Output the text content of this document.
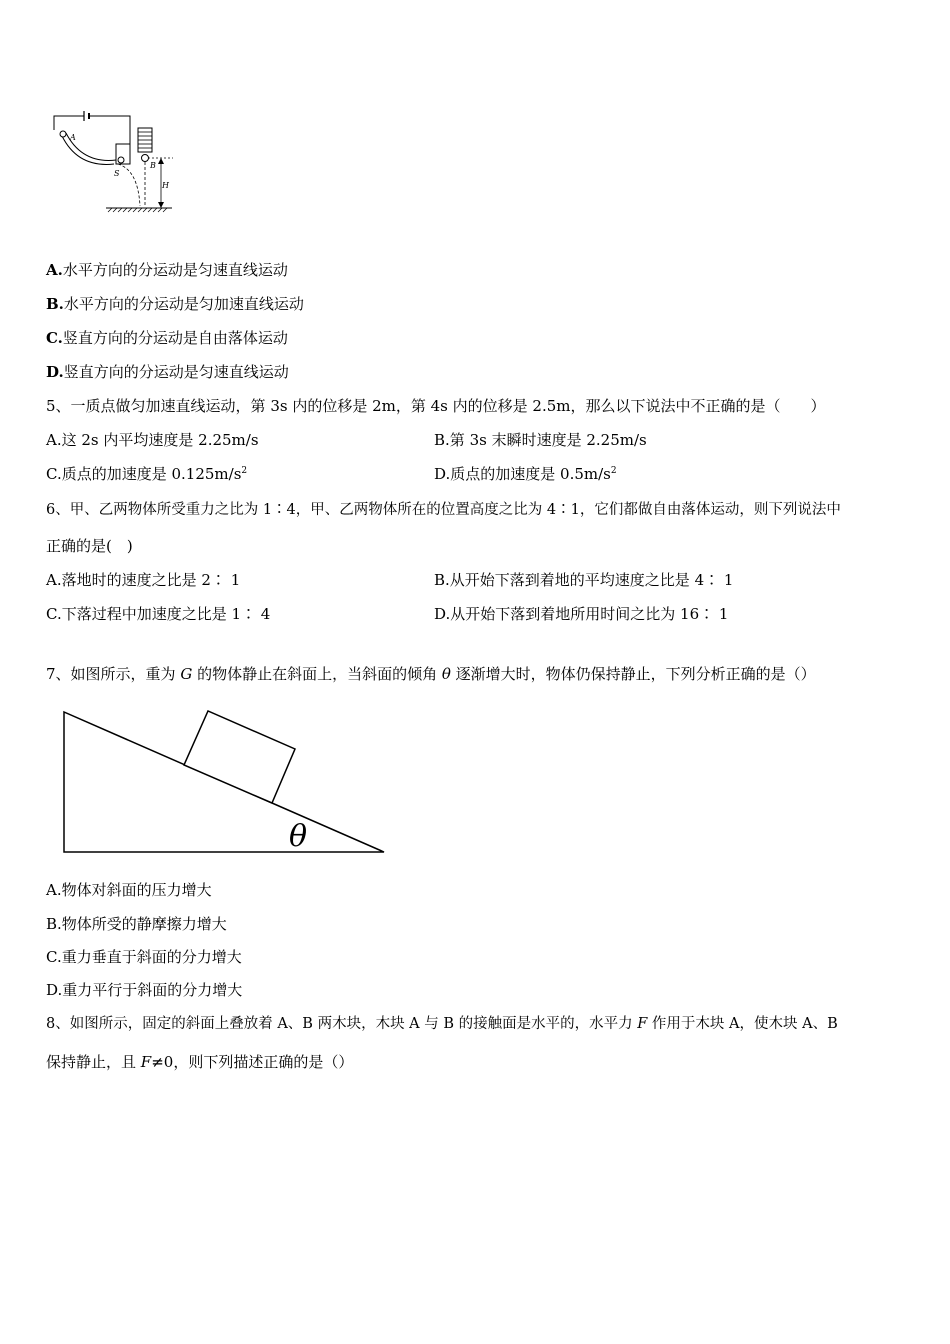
A
S
B
H
A.水平方向的分运动是匀速直线运动
B.水平方向的分运动是匀加速直线运动
C.竖直方向的分运动是自由落体运动
D.竖直方向的分运动是匀速直线运动
5、一质点做匀加速直线运动，第 3s 内的位移是 2m，第 4s 内的位移是 2.5m，那么以下说法中不正确的是（　　）
A.这 2s 内平均速度是 2.25m/s	B.第 3s 末瞬时速度是 2.25m/s
C.质点的加速度是 $0.125m/s^2$	D.质点的加速度是 $0.5m/s^2$
6、甲、乙两物体所受重力之比为 1∶4，甲、乙两物体所在的位置高度之比为 4∶1，它们都做自由落体运动，则下列说法中
正确的是(　)
A.落地时的速度之比是 2∶ 1	B.从开始下落到着地的平均速度之比是 4∶ 1
C.下落过程中加速度之比是 1∶ 4	D.从开始下落到着地所用时间之比为 16∶ 1
7、如图所示，重为 G 的物体静止在斜面上，当斜面的倾角 θ 逐渐增大时，物体仍保持静止，下列分析正确的是（）
θ
A.物体对斜面的压力增大
B.物体所受的静摩擦力增大
C.重力垂直于斜面的分力增大
D.重力平行于斜面的分力增大
8、如图所示，固定的斜面上叠放着 A、B 两木块，木块 A 与 B 的接触面是水平的，水平力 F 作用于木块 A，使木块 A、B
保持静止，且 F≠0，则下列描述正确的是（）
